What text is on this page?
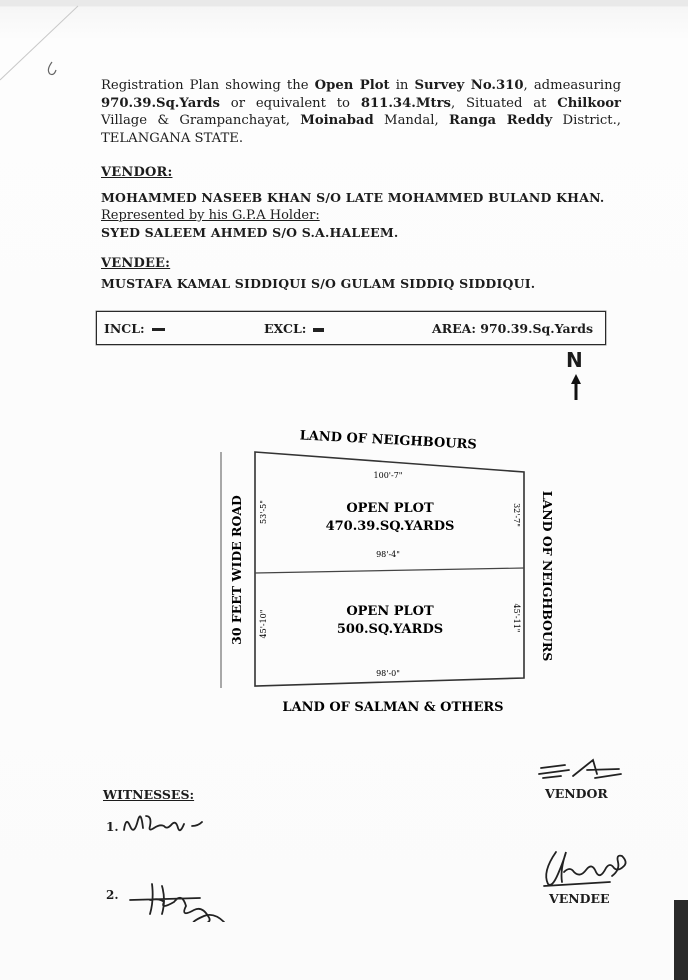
Registration Plan showing the Open Plot in Survey No.310, admeasuring 970.39.Sq.Yards or equivalent to 811.34.Mtrs, Situated at Chilkoor Village & Grampanchayat, Moinabad Mandal, Ranga Reddy District., TELANGANA STATE.
VENDOR:
MOHAMMED NASEEB KHAN S/O LATE MOHAMMED BULAND KHAN.
Represented by his G.P.A Holder:
SYED SALEEM AHMED S/O S.A.HALEEM.
VENDEE:
MUSTAFA KAMAL SIDDIQUI S/O GULAM SIDDIQ SIDDIQUI.
INCL:	EXCL:	AREA: 970.39.Sq.Yards
N
LAND OF NEIGHBOURS
LAND OF SALMAN & OTHERS
30 FEET WIDE ROAD	LAND OF NEIGHBOURS
100'-7"
98'-4"
98'-0"
53'-5"
45'-10"
32'-7"
45'-11"
OPEN PLOT
470.39.SQ.YARDS
OPEN PLOT
500.SQ.YARDS
WITNESSES:
1.
2.
VENDOR
VENDEE
